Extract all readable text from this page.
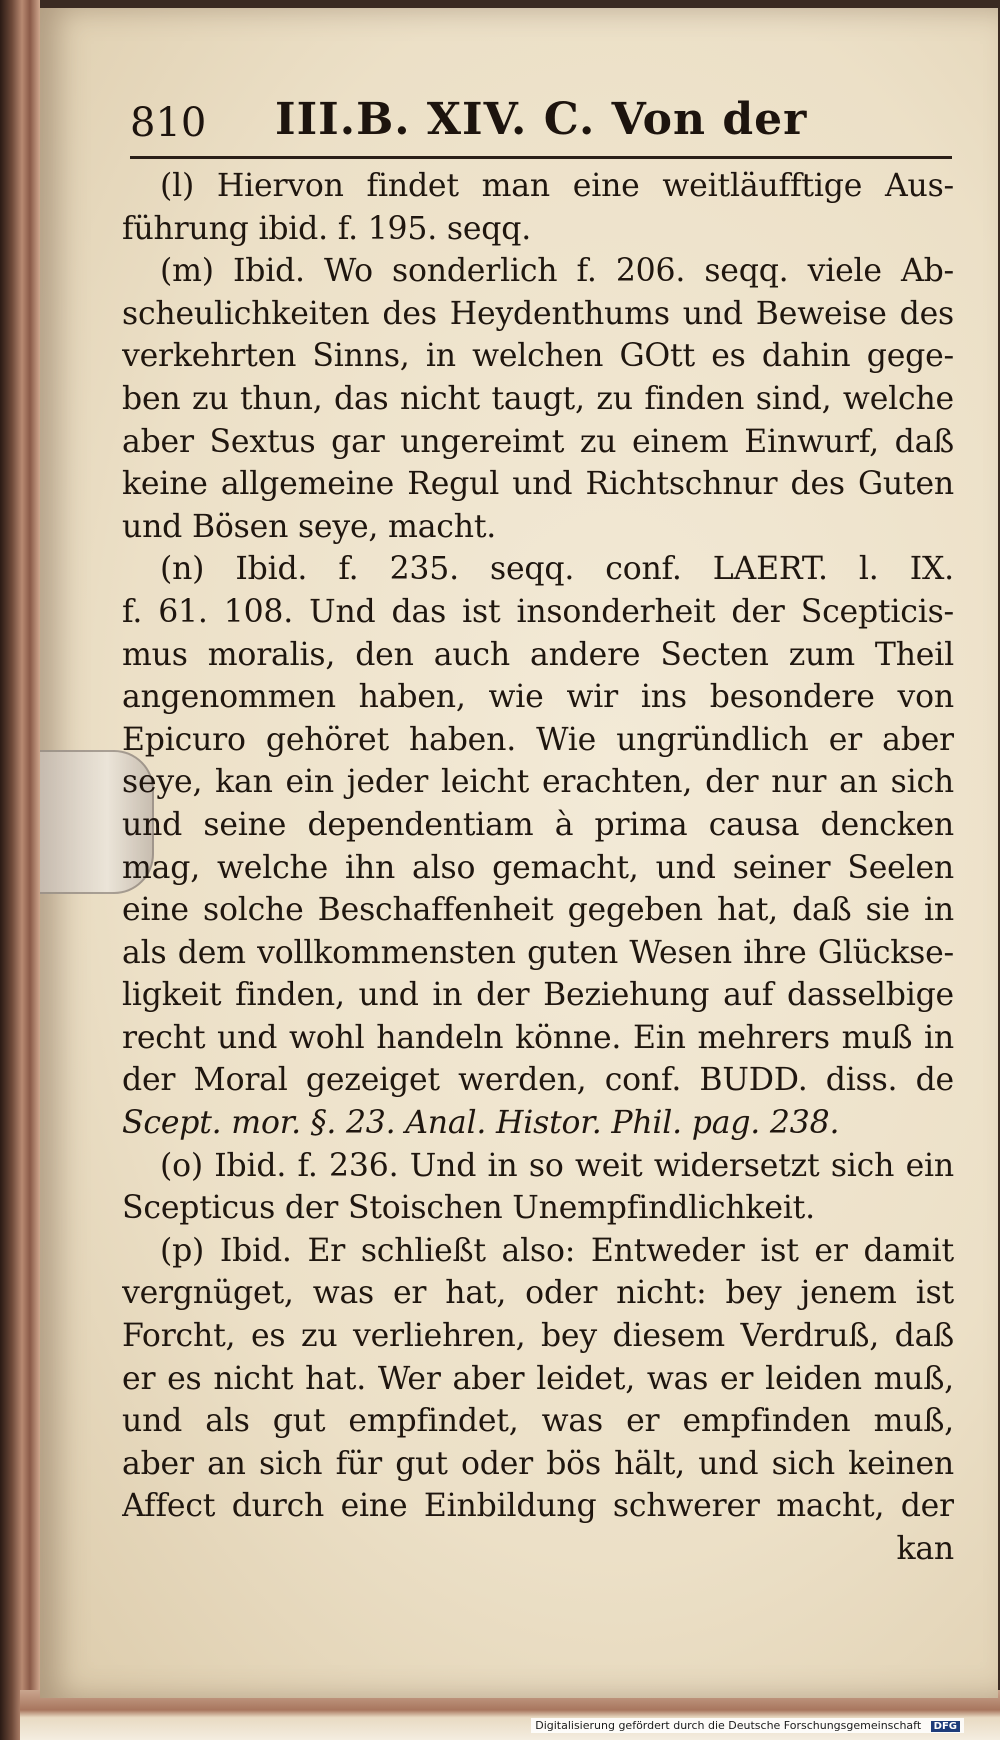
810 III.B. XIV. C. Von der
(l) Hiervon findet man eine weitläufftige Aus-
führung ibid. f. 195. seqq.
(m) Ibid. Wo sonderlich f. 206. seqq. viele Ab-
scheulichkeiten des Heydenthums und Beweise des
verkehrten Sinns, in welchen GOtt es dahin gege-
ben zu thun, das nicht taugt, zu finden sind, welche
aber Sextus gar ungereimt zu einem Einwurf, daß
keine allgemeine Regul und Richtschnur des Guten
und Bösen seye, macht.
(n) Ibid. f. 235. seqq. conf. LAERT. l. IX.
f. 61. 108. Und das ist insonderheit der Scepticis-
mus moralis, den auch andere Secten zum Theil
angenommen haben, wie wir ins besondere von
Epicuro gehöret haben. Wie ungründlich er aber
seye, kan ein jeder leicht erachten, der nur an sich
und seine dependentiam à prima causa dencken
mag, welche ihn also gemacht, und seiner Seelen
eine solche Beschaffenheit gegeben hat, daß sie in
als dem vollkommensten guten Wesen ihre Glückse-
ligkeit finden, und in der Beziehung auf dasselbige
recht und wohl handeln könne. Ein mehrers muß in
der Moral gezeiget werden, conf. BUDD. diss. de
Scept. mor. §. 23. Anal. Histor. Phil. pag. 238.
(o) Ibid. f. 236. Und in so weit widersetzt sich ein
Scepticus der Stoischen Unempfindlichkeit.
(p) Ibid. Er schließt also: Entweder ist er damit
vergnüget, was er hat, oder nicht: bey jenem ist
Forcht, es zu verliehren, bey diesem Verdruß, daß
er es nicht hat. Wer aber leidet, was er leiden muß,
und als gut empfindet, was er empfinden muß,
aber an sich für gut oder bös hält, und sich keinen
Affect durch eine Einbildung schwerer macht, der
kan
Digitalisierung gefördert durch die Deutsche Forschungsgemeinschaft DFG
